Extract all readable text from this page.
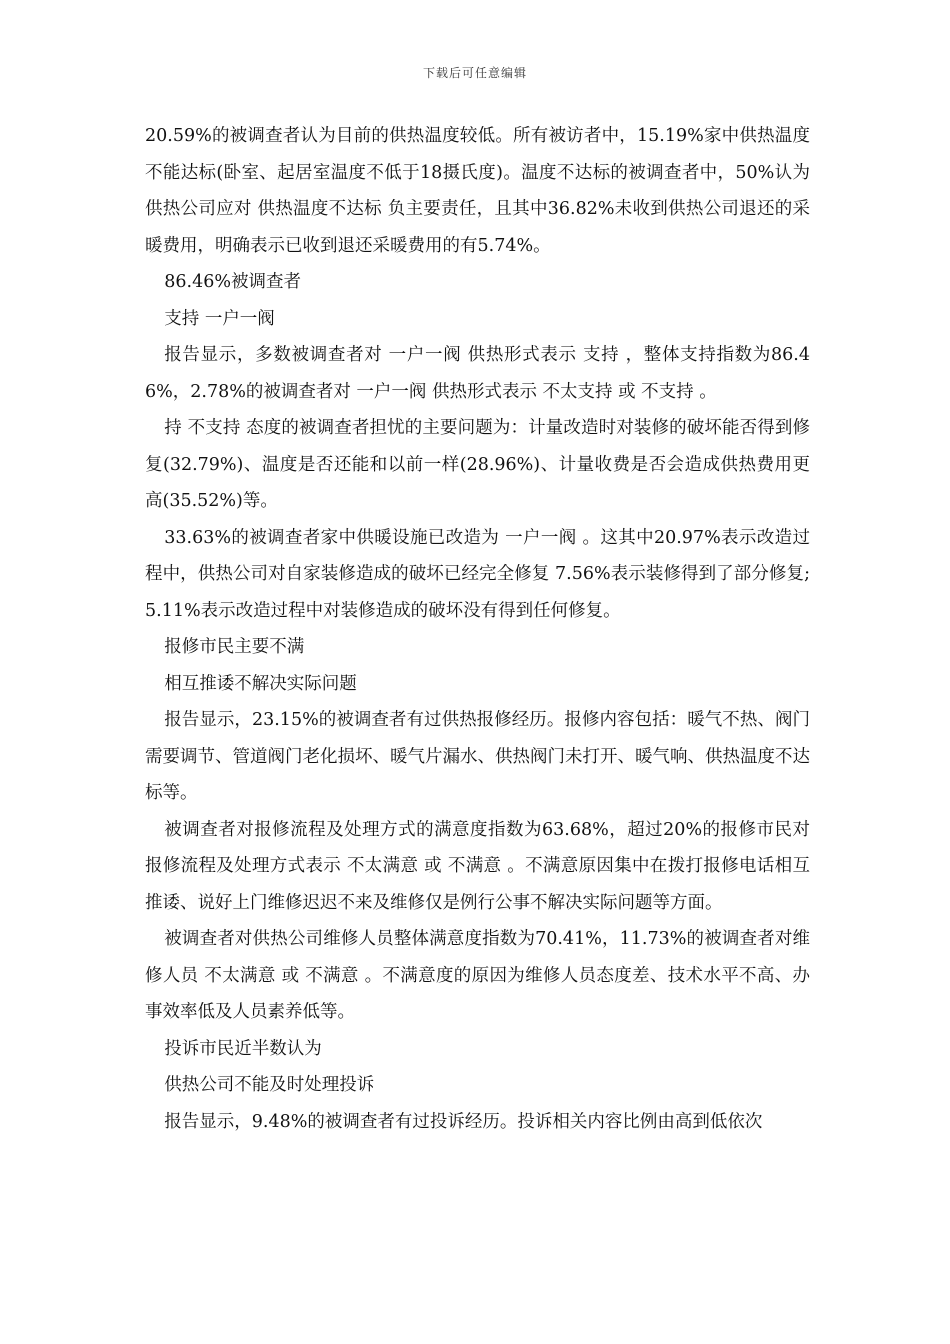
下载后可任意编辑

20.59%的被调查者认为目前的供热温度较低。所有被访者中，15.19%家中供热温度不能达标(卧室、起居室温度不低于18摄氏度)。温度不达标的被调查者中，50%认为供热公司应对 供热温度不达标 负主要责任，且其中36.82%未收到供热公司退还的采暖费用，明确表示已收到退还采暖费用的有5.74%。

86.46%被调查者

支持 一户一阀

报告显示，多数被调查者对 一户一阀 供热形式表示 支持 ，整体支持指数为86.46%，2.78%的被调查者对 一户一阀 供热形式表示 不太支持 或 不支持 。

持 不支持 态度的被调查者担忧的主要问题为：计量改造时对装修的破坏能否得到修复(32.79%)、温度是否还能和以前一样(28.96%)、计量收费是否会造成供热费用更高(35.52%)等。

33.63%的被调查者家中供暖设施已改造为 一户一阀 。这其中20.97%表示改造过程中，供热公司对自家装修造成的破坏已经完全修复 7.56%表示装修得到了部分修复;5.11%表示改造过程中对装修造成的破坏没有得到任何修复。

报修市民主要不满

相互推诿不解决实际问题

报告显示，23.15%的被调查者有过供热报修经历。报修内容包括：暖气不热、阀门需要调节、管道阀门老化损坏、暖气片漏水、供热阀门未打开、暖气响、供热温度不达标等。

被调查者对报修流程及处理方式的满意度指数为63.68%，超过20%的报修市民对报修流程及处理方式表示 不太满意 或 不满意 。不满意原因集中在拨打报修电话相互推诿、说好上门维修迟迟不来及维修仅是例行公事不解决实际问题等方面。

被调查者对供热公司维修人员整体满意度指数为70.41%，11.73%的被调查者对维修人员 不太满意 或 不满意 。不满意度的原因为维修人员态度差、技术水平不高、办事效率低及人员素养低等。

投诉市民近半数认为

供热公司不能及时处理投诉

报告显示，9.48%的被调查者有过投诉经历。投诉相关内容比例由高到低依次
